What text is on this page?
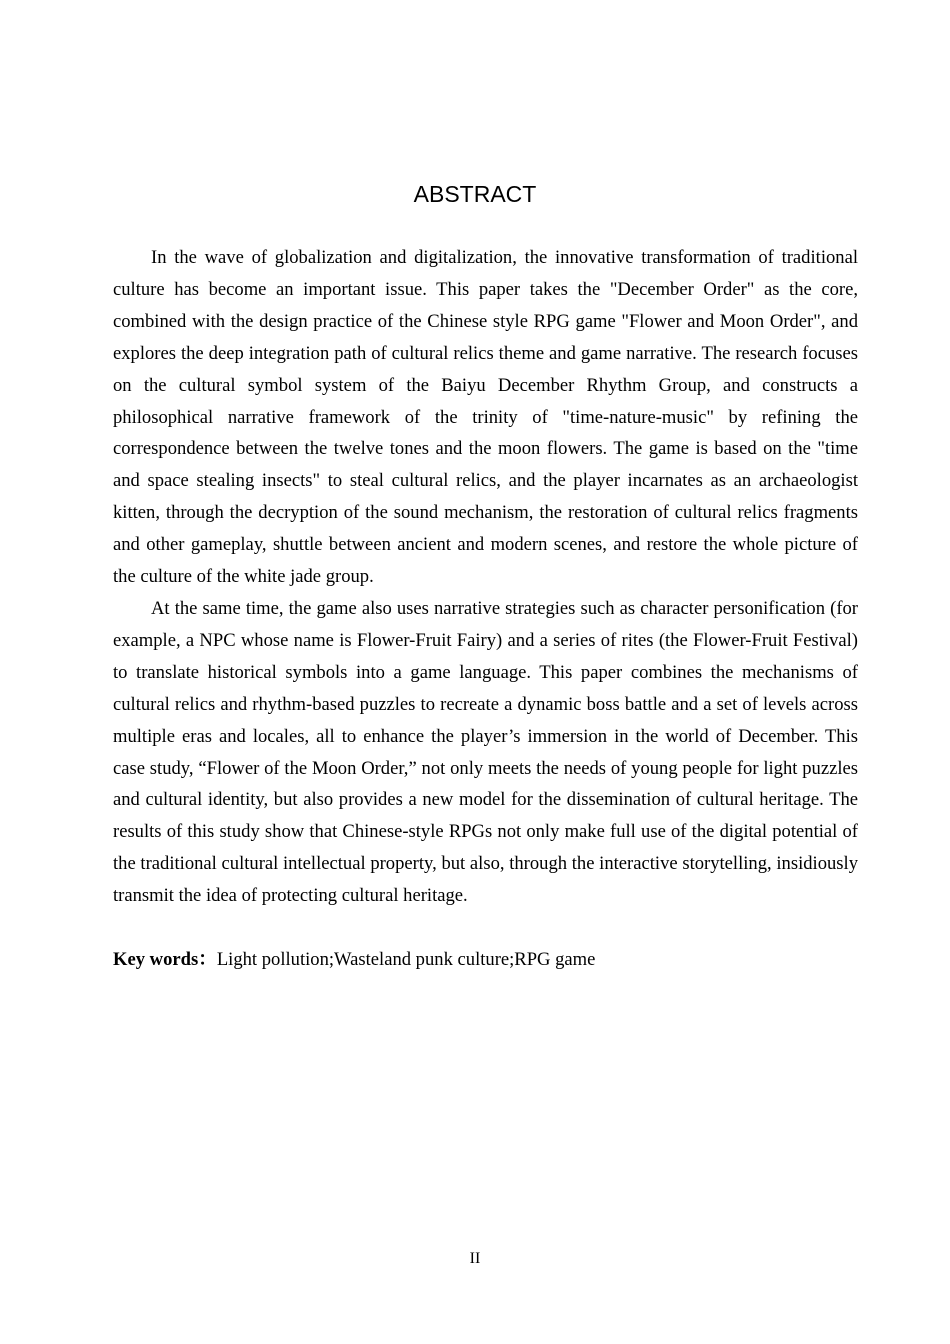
ABSTRACT

In the wave of globalization and digitalization, the innovative transformation of traditional culture has become an important issue. This paper takes the "December Order" as the core, combined with the design practice of the Chinese style RPG game "Flower and Moon Order", and explores the deep integration path of cultural relics theme and game narrative. The research focuses on the cultural symbol system of the Baiyu December Rhythm Group, and constructs a philosophical narrative framework of the trinity of "time-nature-music" by refining the correspondence between the twelve tones and the moon flowers. The game is based on the "time and space stealing insects" to steal cultural relics, and the player incarnates as an archaeologist kitten, through the decryption of the sound mechanism, the restoration of cultural relics fragments and other gameplay, shuttle between ancient and modern scenes, and restore the whole picture of the culture of the white jade group.

At the same time, the game also uses narrative strategies such as character personification (for example, a NPC whose name is Flower-Fruit Fairy) and a series of rites (the Flower-Fruit Festival) to translate historical symbols into a game language. This paper combines the mechanisms of cultural relics and rhythm-based puzzles to recreate a dynamic boss battle and a set of levels across multiple eras and locales, all to enhance the player’s immersion in the world of December. This case study, “Flower of the Moon Order,” not only meets the needs of young people for light puzzles and cultural identity, but also provides a new model for the dissemination of cultural heritage. The results of this study show that Chinese-style RPGs not only make full use of the digital potential of the traditional cultural intellectual property, but also, through the interactive storytelling, insidiously transmit the idea of protecting cultural heritage.

Key words：Light pollution;Wasteland punk culture;RPG game
II
